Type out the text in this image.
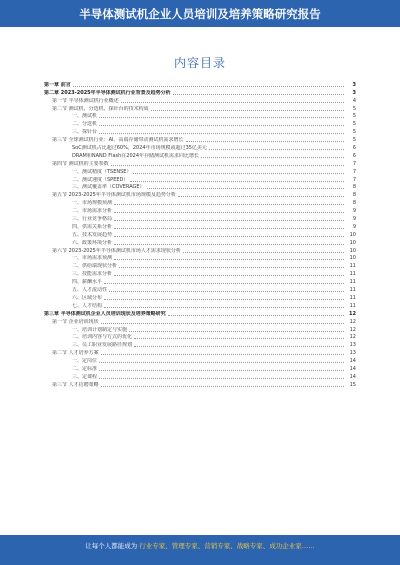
半导体测试机企业人员培训及培养策略研究报告
内容目录
第一章 前言	3
第二章 2023-2025年半导体测试机行业背景及趋势分析	3
第一节 半导体测试机行业概述	4
第二节 测试机、分选机、探针台的技术构成	5
一、测试机	5
二、分选机	5
三、探针台	5
第三节 全球测试机行业：AI、高端存储带动测试机需求增长	5
SoC测试机占比超过60%，2024年市场规模或超过35亿美元	6
DRAM和NAND Flash在2024年存储测试机需求同比增长	6
第四节 测试机的主要参数	7
一、测试精度（TSENSE）	7
二、测试速度（SPEED）	7
三、测试覆盖率（COVERAGE）	8
第五节 2023-2025年半导体测试机市场规模及趋势分析	8
一、市场规模预测	8
二、市场需求分析	9
三、行业竞争格局	9
四、供需关系分析	9
五、技术发展趋势	10
六、政策环境分析	10
第六节 2023-2025年半导体测试机市场人才需求现状分析	10
一、市场需求预测	10
二、供给端现状分析	11
三、技能需求分析	11
四、薪酬水平	11
五、人才流动性	11
六、区域分布	11
七、人才结构	11
第三章 半导体测试机企业人员培训现状及培养策略研究	12
第一节 企业培训现状	12
一、培训计划制定与实施	12
二、培训内容与方式的优化	12
三、员工职业发展路径规划	13
第二节 人才培养方案	13
一、定岗位	14
二、定标准	14
三、定课程	14
第三节 人才招聘策略	15
让每个人都能成为 行业专家、管理专家、营销专家、战略专家、成功企业家……
